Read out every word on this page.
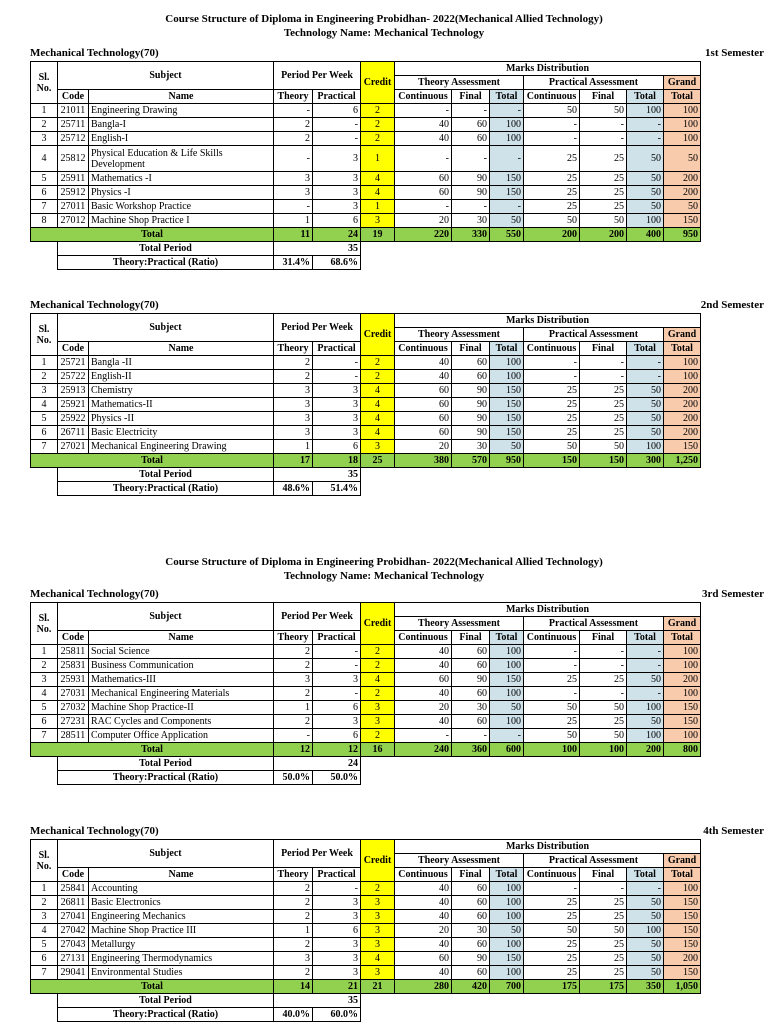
Course Structure of Diploma in Engineering Probidhan- 2022(Mechanical Allied Technology)
Technology Name: Mechanical Technology
Course Structure of Diploma in Engineering Probidhan- 2022(Mechanical Allied Technology)
Technology Name: Mechanical Technology
Mechanical Technology(70)	1st Semester
Sl. No.	Subject		Period Per Week		Credit	Marks Distribution						
						Theory Assessment			Practical Assessment			Grand
	Code	Name	Theory	Practical		Continuous	Final	Total	Continuous	Final	Total	Total
1	21011	Engineering Drawing	-	6	2	-	-	-	50	50	100	100
2	25711	Bangla-I	2	-	2	40	60	100	-	-	-	100
3	25712	English-I	2	-	2	40	60	100	-	-	-	100
4	25812	Physical Education & Life Skills Development	-	3	1	-	-	-	25	25	50	50
5	25911	Mathematics -I	3	3	4	60	90	150	25	25	50	200
6	25912	Physics -I	3	3	4	60	90	150	25	25	50	200
7	27011	Basic Workshop Practice	-	3	1	-	-	-	25	25	50	50
8	27012	Machine Shop Practice I	1	6	3	20	30	50	50	50	100	150
Total			11	24	19	220	330	550	200	200	400	950
	Total Period		35									
	Theory:Practical (Ratio)		31.4%	68.6%								
Mechanical Technology(70)	2nd Semester
Sl. No.	Subject		Period Per Week		Credit	Marks Distribution						
						Theory Assessment			Practical Assessment			Grand
	Code	Name	Theory	Practical		Continuous	Final	Total	Continuous	Final	Total	Total
1	25721	Bangla -II	2	-	2	40	60	100	-	-	-	100
2	25722	English-II	2	-	2	40	60	100	-	-	-	100
3	25913	Chemistry	3	3	4	60	90	150	25	25	50	200
4	25921	Mathematics-II	3	3	4	60	90	150	25	25	50	200
5	25922	Physics -II	3	3	4	60	90	150	25	25	50	200
6	26711	Basic Electricity	3	3	4	60	90	150	25	25	50	200
7	27021	Mechanical Engineering Drawing	1	6	3	20	30	50	50	50	100	150
Total			17	18	25	380	570	950	150	150	300	1,250
	Total Period		35									
	Theory:Practical (Ratio)		48.6%	51.4%								
Mechanical Technology(70)	3rd Semester
Sl. No.	Subject		Period Per Week		Credit	Marks Distribution						
						Theory Assessment			Practical Assessment			Grand
	Code	Name	Theory	Practical		Continuous	Final	Total	Continuous	Final	Total	Total
1	25811	Social Science	2	-	2	40	60	100	-	-	-	100
2	25831	Business Communication	2	-	2	40	60	100	-	-	-	100
3	25931	Mathematics-III	3	3	4	60	90	150	25	25	50	200
4	27031	Mechanical Engineering Materials	2	-	2	40	60	100	-	-	-	100
5	27032	Machine Shop Practice-II	1	6	3	20	30	50	50	50	100	150
6	27231	RAC Cycles and Components	2	3	3	40	60	100	25	25	50	150
7	28511	Computer Office Application	-	6	2	-	-	-	50	50	100	100
Total			12	12	16	240	360	600	100	100	200	800
	Total Period		24									
	Theory:Practical (Ratio)		50.0%	50.0%								
Mechanical Technology(70)	4th Semester
Sl. No.	Subject		Period Per Week		Credit	Marks Distribution						
						Theory Assessment			Practical Assessment			Grand
	Code	Name	Theory	Practical		Continuous	Final	Total	Continuous	Final	Total	Total
1	25841	Accounting	2	-	2	40	60	100	-	-	-	100
2	26811	Basic Electronics	2	3	3	40	60	100	25	25	50	150
3	27041	Engineering Mechanics	2	3	3	40	60	100	25	25	50	150
4	27042	Machine Shop Practice III	1	6	3	20	30	50	50	50	100	150
5	27043	Metallurgy	2	3	3	40	60	100	25	25	50	150
6	27131	Engineering Thermodynamics	3	3	4	60	90	150	25	25	50	200
7	29041	Environmental Studies	2	3	3	40	60	100	25	25	50	150
Total			14	21	21	280	420	700	175	175	350	1,050
	Total Period		35									
	Theory:Practical (Ratio)		40.0%	60.0%								
